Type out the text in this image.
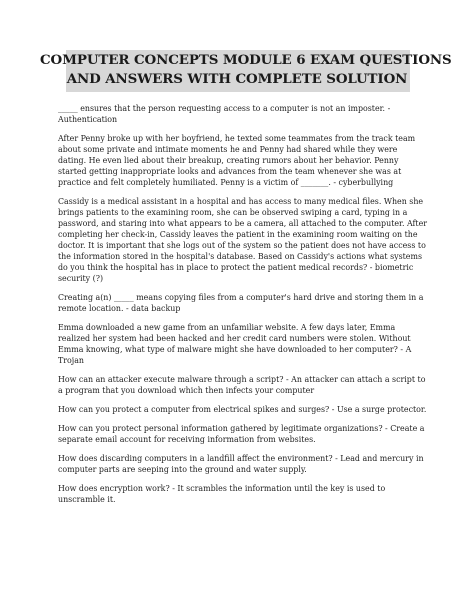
COMPUTER CONCEPTS MODULE 6 EXAM QUESTIONS
AND ANSWERS WITH COMPLETE SOLUTION

_____ ensures that the person requesting access to a computer is not an imposter. -
Authentication

After Penny broke up with her boyfriend, he texted some teammates from the track team
about some private and intimate moments he and Penny had shared while they were
dating. He even lied about their breakup, creating rumors about her behavior. Penny
started getting inappropriate looks and advances from the team whenever she was at
practice and felt completely humiliated. Penny is a victim of _______. - cyberbullying

Cassidy is a medical assistant in a hospital and has access to many medical files. When she
brings patients to the examining room, she can be observed swiping a card, typing in a
password, and staring into what appears to be a camera, all attached to the computer. After
completing her check-in, Cassidy leaves the patient in the examining room waiting on the
doctor. It is important that she logs out of the system so the patient does not have access to
the information stored in the hospital's database. Based on Cassidy's actions what systems
do you think the hospital has in place to protect the patient medical records? - biometric
security (?)

Creating a(n) _____ means copying files from a computer's hard drive and storing them in a
remote location. - data backup

Emma downloaded a new game from an unfamiliar website. A few days later, Emma
realized her system had been hacked and her credit card numbers were stolen. Without
Emma knowing, what type of malware might she have downloaded to her computer? - A
Trojan

How can an attacker execute malware through a script? - An attacker can attach a script to
a program that you download which then infects your computer

How can you protect a computer from electrical spikes and surges? - Use a surge protector.

How can you protect personal information gathered by legitimate organizations? - Create a
separate email account for receiving information from websites.

How does discarding computers in a landfill affect the environment? - Lead and mercury in
computer parts are seeping into the ground and water supply.

How does encryption work? - It scrambles the information until the key is used to
unscramble it.
